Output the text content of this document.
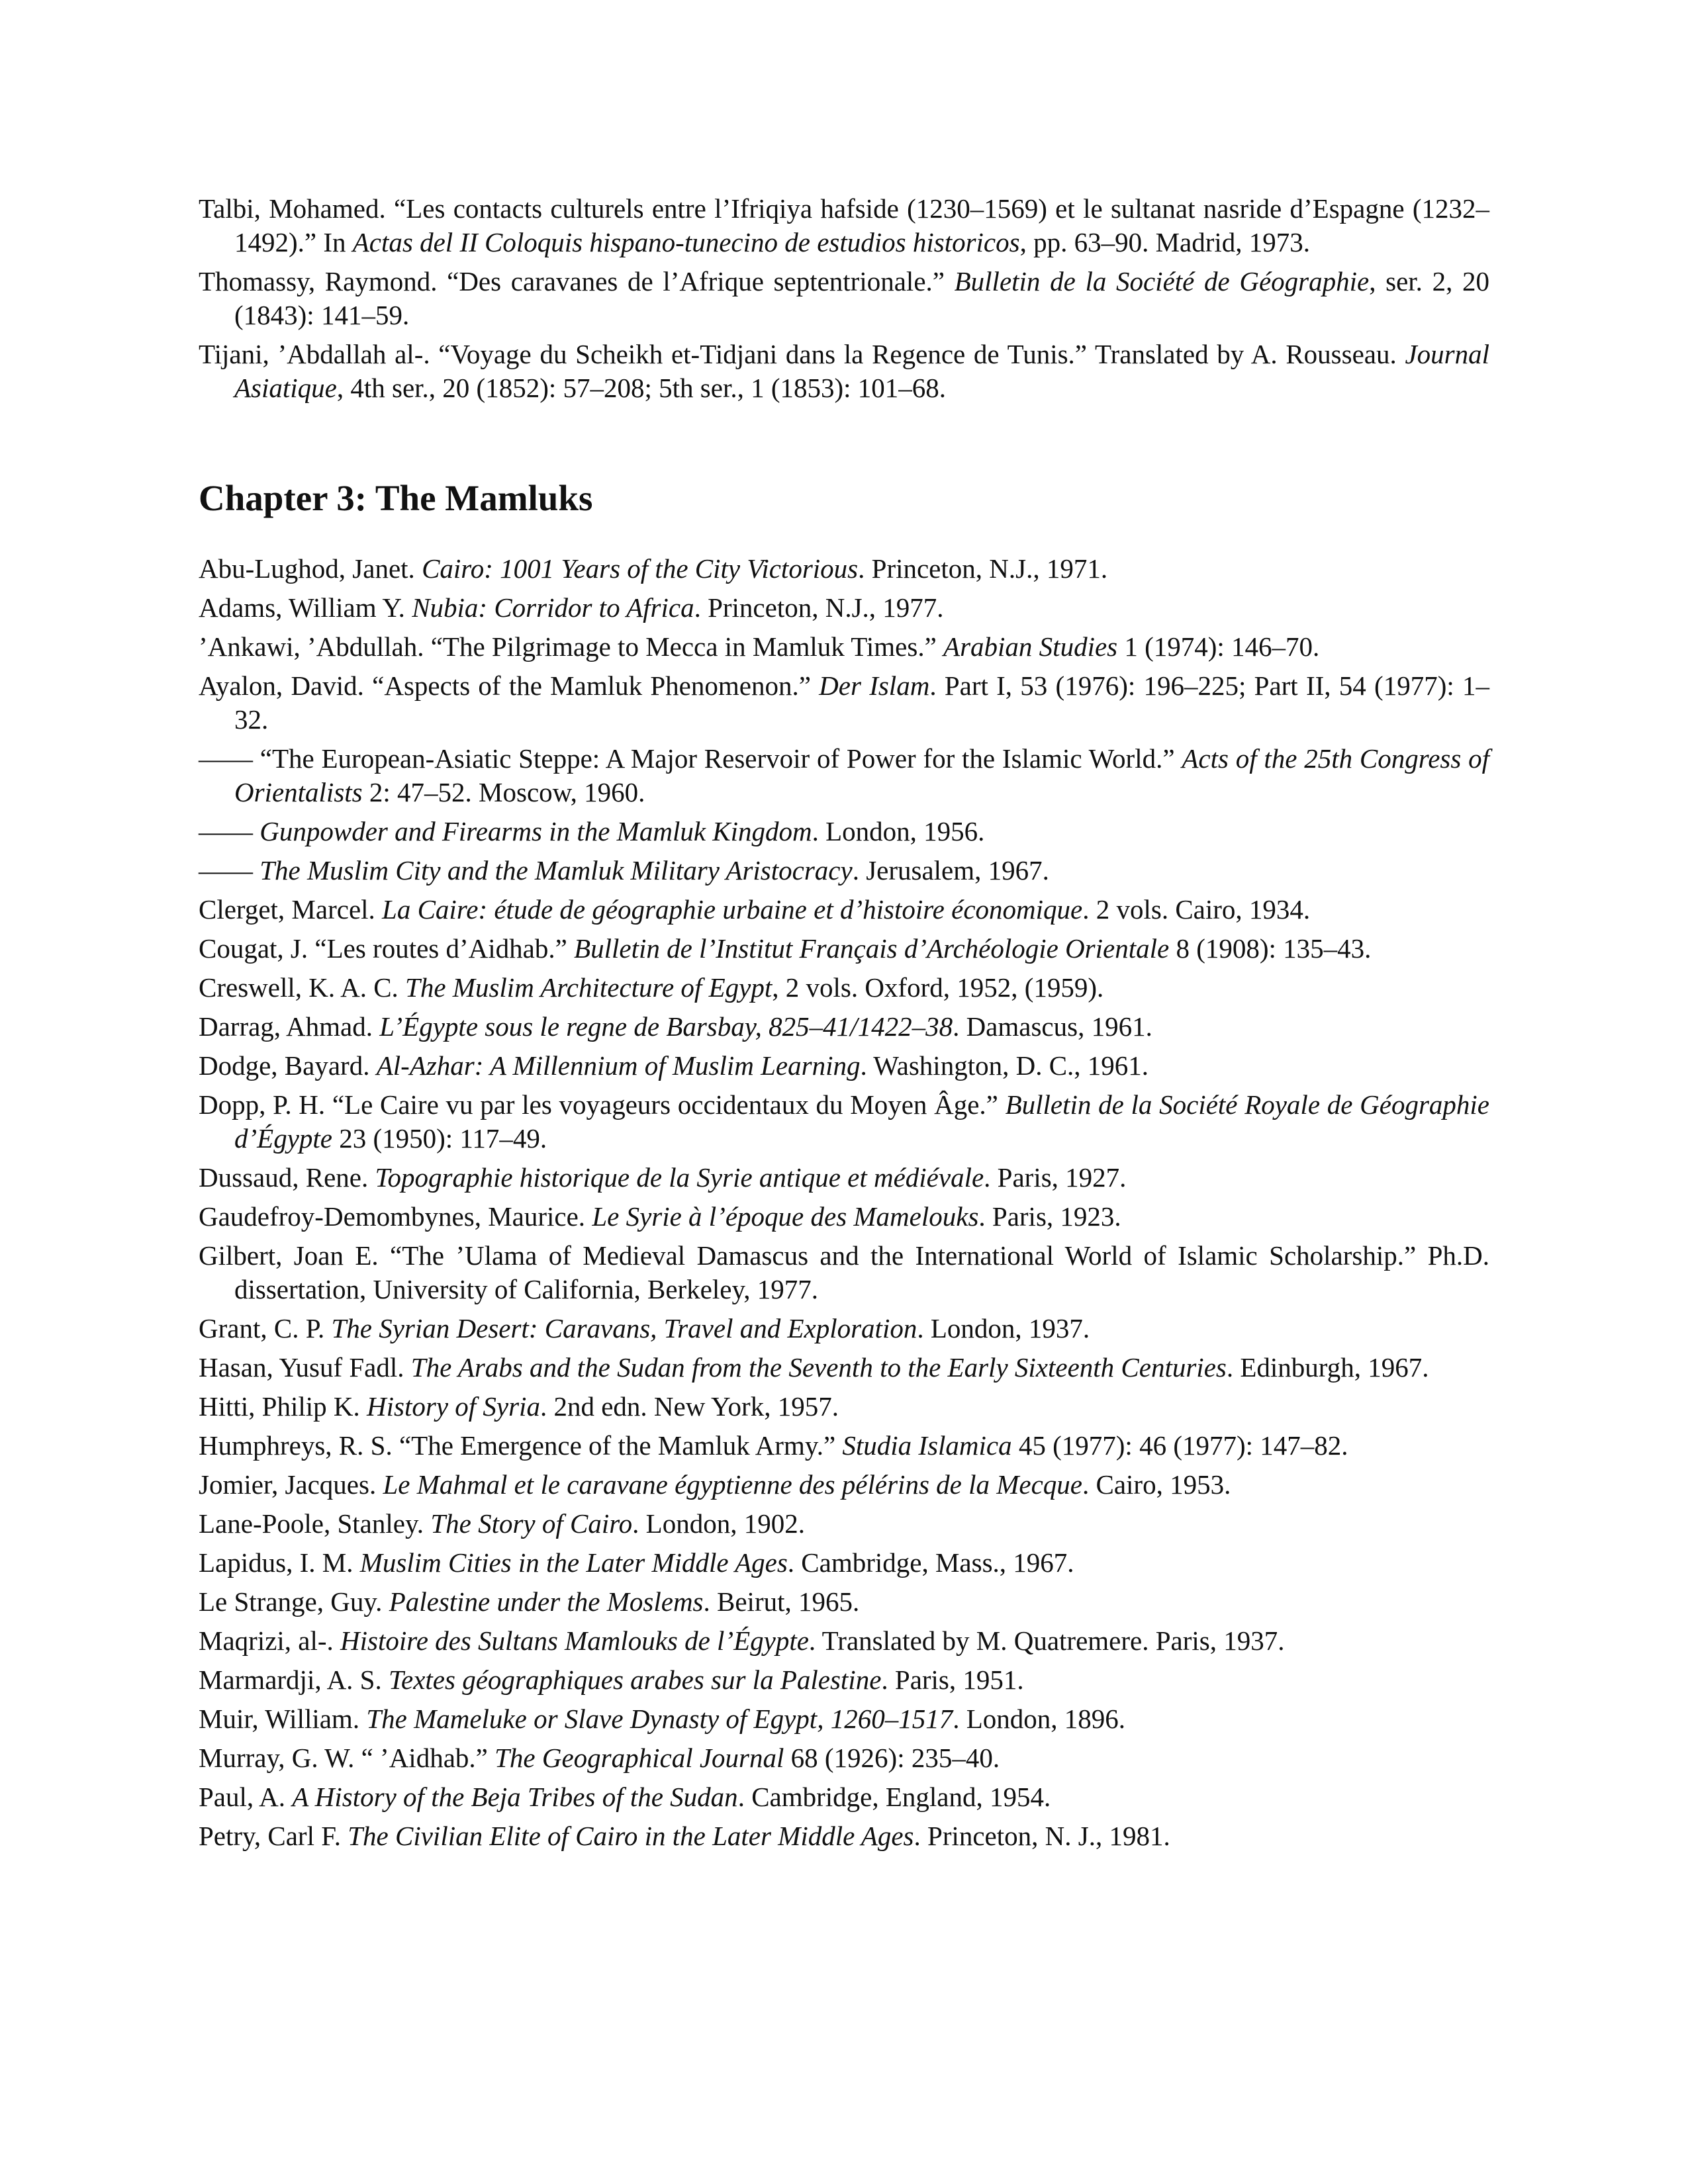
Talbi, Mohamed. “Les contacts culturels entre l’Ifriqiya hafside (1230–1569) et le sultanat nasride d’Espagne (1232–1492).” In Actas del II Coloquis hispano-tunecino de estudios historicos, pp. 63–90. Madrid, 1973.

Thomassy, Raymond. “Des caravanes de l’Afrique septentrionale.” Bulletin de la Société de Géographie, ser. 2, 20 (1843): 141–59.

Tijani, ’Abdallah al-. “Voyage du Scheikh et-Tidjani dans la Regence de Tunis.” Translated by A. Rousseau. Journal Asiatique, 4th ser., 20 (1852): 57–208; 5th ser., 1 (1853): 101–68.

Chapter 3: The Mamluks

Abu-Lughod, Janet. Cairo: 1001 Years of the City Victorious. Princeton, N.J., 1971.

Adams, William Y. Nubia: Corridor to Africa. Princeton, N.J., 1977.

’Ankawi, ’Abdullah. “The Pilgrimage to Mecca in Mamluk Times.” Arabian Studies 1 (1974): 146–70.

Ayalon, David. “Aspects of the Mamluk Phenomenon.” Der Islam. Part I, 53 (1976): 196–225; Part II, 54 (1977): 1–32.

—— “The European-Asiatic Steppe: A Major Reservoir of Power for the Islamic World.” Acts of the 25th Congress of Orientalists 2: 47–52. Moscow, 1960.

—— Gunpowder and Firearms in the Mamluk Kingdom. London, 1956.

—— The Muslim City and the Mamluk Military Aristocracy. Jerusalem, 1967.

Clerget, Marcel. La Caire: étude de géographie urbaine et d’histoire économique. 2 vols. Cairo, 1934.

Cougat, J. “Les routes d’Aidhab.” Bulletin de l’Institut Français d’Archéologie Orientale 8 (1908): 135–43.

Creswell, K. A. C. The Muslim Architecture of Egypt, 2 vols. Oxford, 1952, (1959).

Darrag, Ahmad. L’Égypte sous le regne de Barsbay, 825–41/1422–38. Damascus, 1961.

Dodge, Bayard. Al-Azhar: A Millennium of Muslim Learning. Washington, D. C., 1961.

Dopp, P. H. “Le Caire vu par les voyageurs occidentaux du Moyen Âge.” Bulletin de la Société Royale de Géographie d’Égypte 23 (1950): 117–49.

Dussaud, Rene. Topographie historique de la Syrie antique et médiévale. Paris, 1927.

Gaudefroy-Demombynes, Maurice. Le Syrie à l’époque des Mamelouks. Paris, 1923.

Gilbert, Joan E. “The ’Ulama of Medieval Damascus and the International World of Islamic Scholarship.” Ph.D. dissertation, University of California, Berkeley, 1977.

Grant, C. P. The Syrian Desert: Caravans, Travel and Exploration. London, 1937.

Hasan, Yusuf Fadl. The Arabs and the Sudan from the Seventh to the Early Sixteenth Centuries. Edinburgh, 1967.

Hitti, Philip K. History of Syria. 2nd edn. New York, 1957.

Humphreys, R. S. “The Emergence of the Mamluk Army.” Studia Islamica 45 (1977): 46 (1977): 147–82.

Jomier, Jacques. Le Mahmal et le caravane égyptienne des pélérins de la Mecque. Cairo, 1953.

Lane-Poole, Stanley. The Story of Cairo. London, 1902.

Lapidus, I. M. Muslim Cities in the Later Middle Ages. Cambridge, Mass., 1967.

Le Strange, Guy. Palestine under the Moslems. Beirut, 1965.

Maqrizi, al-. Histoire des Sultans Mamlouks de l’Égypte. Translated by M. Quatremere. Paris, 1937.

Marmardji, A. S. Textes géographiques arabes sur la Palestine. Paris, 1951.

Muir, William. The Mameluke or Slave Dynasty of Egypt, 1260–1517. London, 1896.

Murray, G. W. “ ’Aidhab.” The Geographical Journal 68 (1926): 235–40.

Paul, A. A History of the Beja Tribes of the Sudan. Cambridge, England, 1954.

Petry, Carl F. The Civilian Elite of Cairo in the Later Middle Ages. Princeton, N. J., 1981.
